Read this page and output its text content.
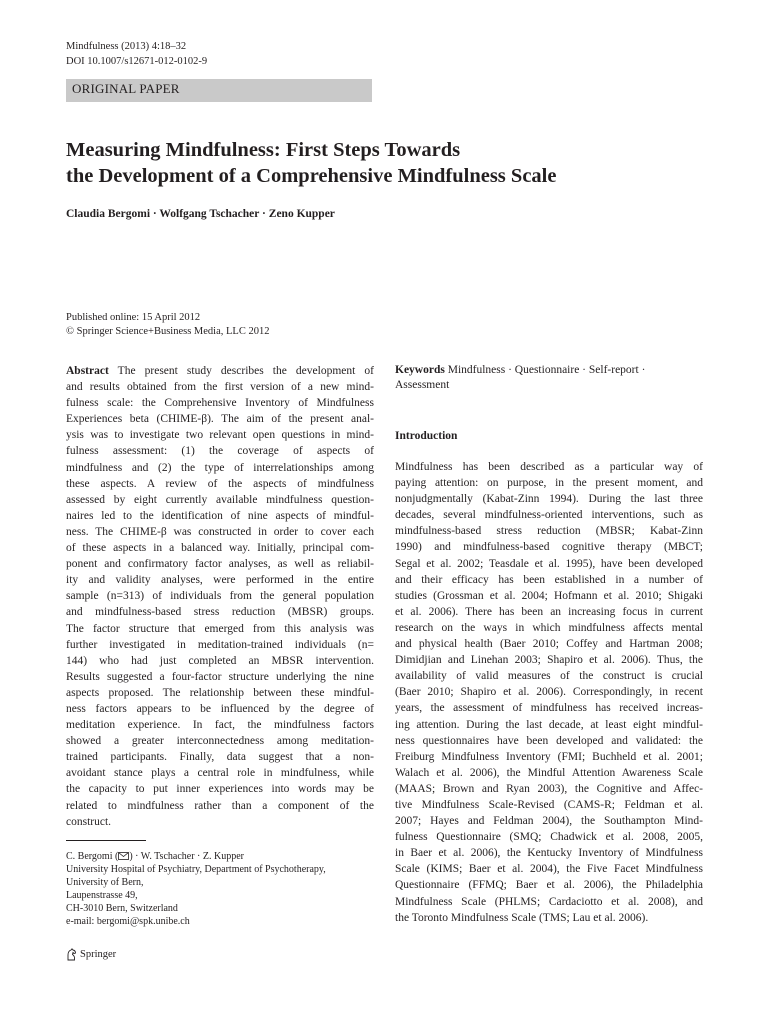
Mindfulness (2013) 4:18–32
DOI 10.1007/s12671-012-0102-9
ORIGINAL PAPER
Measuring Mindfulness: First Steps Towards
the Development of a Comprehensive Mindfulness Scale
Claudia Bergomi · Wolfgang Tschacher · Zeno Kupper
Published online: 15 April 2012
© Springer Science+Business Media, LLC 2012
Abstract The present study describes the development of
and results obtained from the first version of a new mind-
fulness scale: the Comprehensive Inventory of Mindfulness
Experiences beta (CHIME-β). The aim of the present anal-
ysis was to investigate two relevant open questions in mind-
fulness assessment: (1) the coverage of aspects of
mindfulness and (2) the type of interrelationships among
these aspects. A review of the aspects of mindfulness
assessed by eight currently available mindfulness question-
naires led to the identification of nine aspects of mindful-
ness. The CHIME-β was constructed in order to cover each
of these aspects in a balanced way. Initially, principal com-
ponent and confirmatory factor analyses, as well as reliabil-
ity and validity analyses, were performed in the entire
sample (n=313) of individuals from the general population
and mindfulness-based stress reduction (MBSR) groups.
The factor structure that emerged from this analysis was
further investigated in meditation-trained individuals (n=
144) who had just completed an MBSR intervention.
Results suggested a four-factor structure underlying the nine
aspects proposed. The relationship between these mindful-
ness factors appears to be influenced by the degree of
meditation experience. In fact, the mindfulness factors
showed a greater interconnectedness among meditation-
trained participants. Finally, data suggest that a non-
avoidant stance plays a central role in mindfulness, while
the capacity to put inner experiences into words may be
related to mindfulness rather than a component of the
construct.
C. Bergomi ( ) · W. Tschacher · Z. Kupper
University Hospital of Psychiatry, Department of Psychotherapy,
University of Bern,
Laupenstrasse 49,
CH-3010 Bern, Switzerland
e-mail: bergomi@spk.unibe.ch
Keywords Mindfulness · Questionnaire · Self-report ·
Assessment
Introduction
Mindfulness has been described as a particular way of
paying attention: on purpose, in the present moment, and
nonjudgmentally (Kabat-Zinn 1994). During the last three
decades, several mindfulness-oriented interventions, such as
mindfulness-based stress reduction (MBSR; Kabat-Zinn
1990) and mindfulness-based cognitive therapy (MBCT;
Segal et al. 2002; Teasdale et al. 1995), have been developed
and their efficacy has been established in a number of
studies (Grossman et al. 2004; Hofmann et al. 2010; Shigaki
et al. 2006). There has been an increasing focus in current
research on the ways in which mindfulness affects mental
and physical health (Baer 2010; Coffey and Hartman 2008;
Dimidjian and Linehan 2003; Shapiro et al. 2006). Thus, the
availability of valid measures of the construct is crucial
(Baer 2010; Shapiro et al. 2006). Correspondingly, in recent
years, the assessment of mindfulness has received increas-
ing attention. During the last decade, at least eight mindful-
ness questionnaires have been developed and validated: the
Freiburg Mindfulness Inventory (FMI; Buchheld et al. 2001;
Walach et al. 2006), the Mindful Attention Awareness Scale
(MAAS; Brown and Ryan 2003), the Cognitive and Affec-
tive Mindfulness Scale-Revised (CAMS-R; Feldman et al.
2007; Hayes and Feldman 2004), the Southampton Mind-
fulness Questionnaire (SMQ; Chadwick et al. 2008, 2005,
in Baer et al. 2006), the Kentucky Inventory of Mindfulness
Scale (KIMS; Baer et al. 2004), the Five Facet Mindfulness
Questionnaire (FFMQ; Baer et al. 2006), the Philadelphia
Mindfulness Scale (PHLMS; Cardaciotto et al. 2008), and
the Toronto Mindfulness Scale (TMS; Lau et al. 2006).
Springer
